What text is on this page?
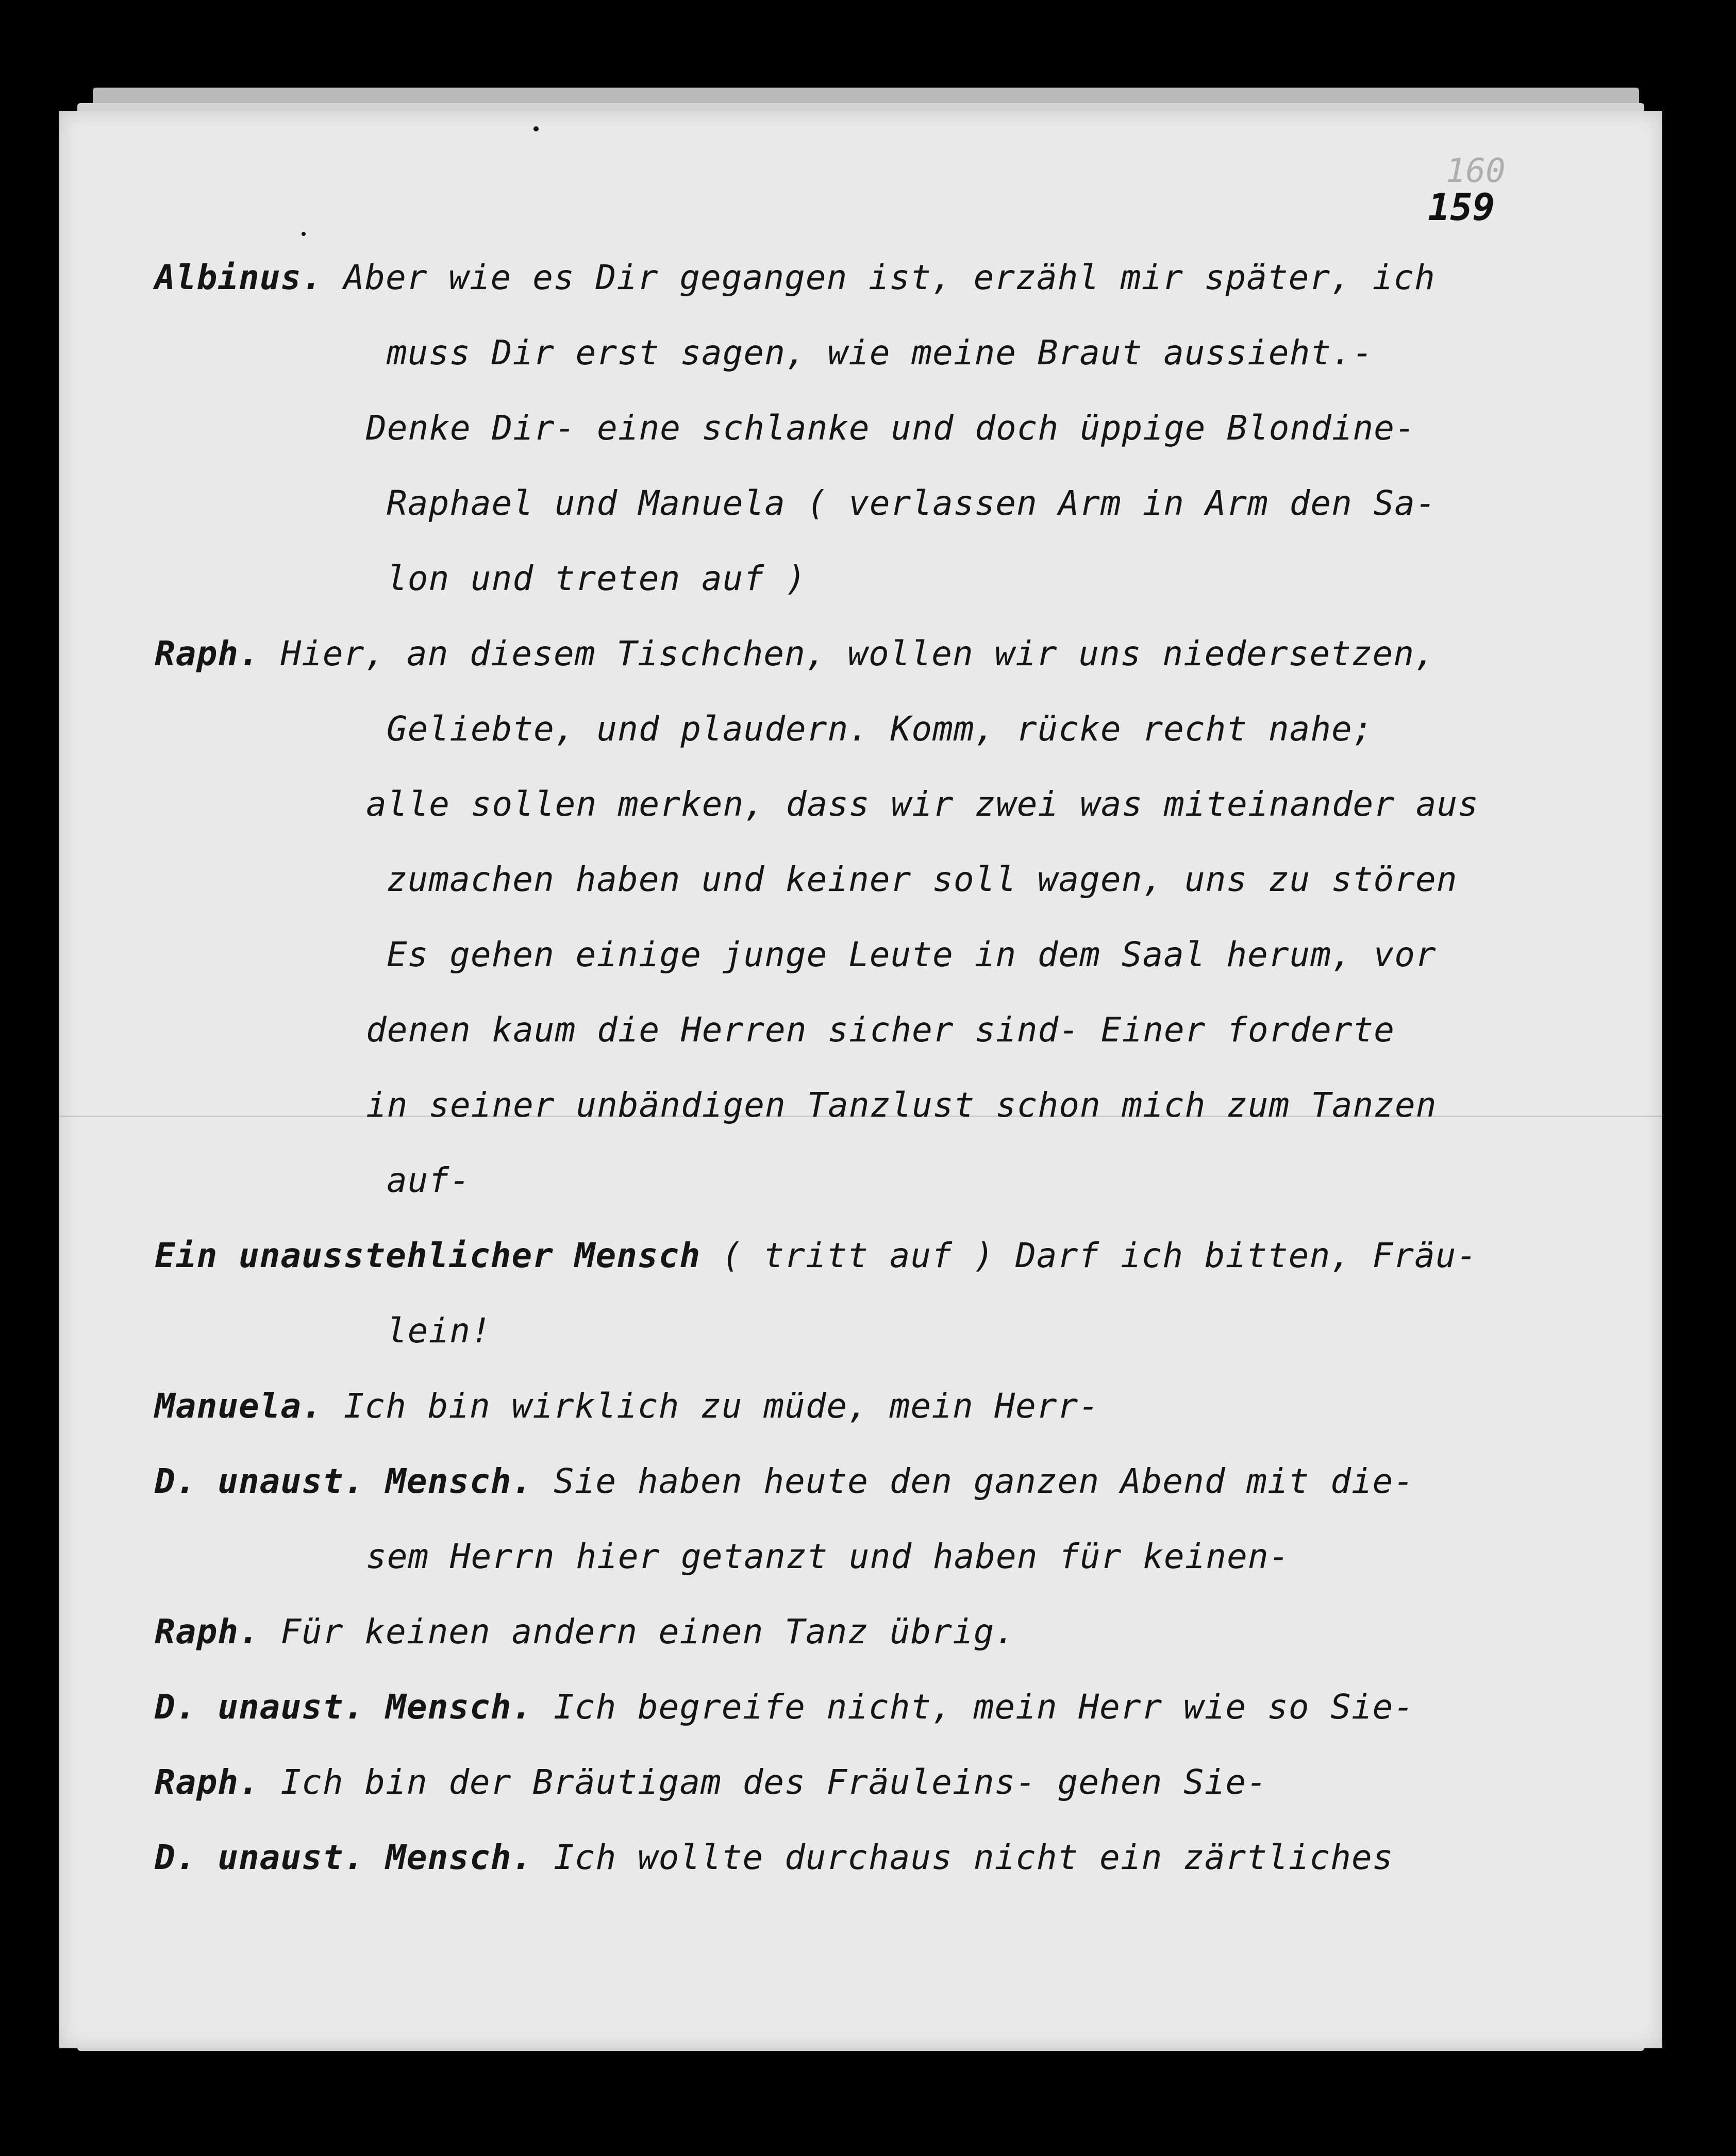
160
159
Albinus. Aber wie es Dir gegangen ist, erzähl mir später, ich
muss Dir erst sagen, wie meine Braut aussieht.-
Denke Dir- eine schlanke und doch üppige Blondine-
Raphael und Manuela ( verlassen Arm in Arm den Sa-
lon und treten auf )
Raph. Hier, an diesem Tischchen, wollen wir uns niedersetzen,
Geliebte, und plaudern. Komm, rücke recht nahe;
alle sollen merken, dass wir zwei was miteinander aus
zumachen haben und keiner soll wagen, uns zu stören
Es gehen einige junge Leute in dem Saal herum, vor
denen kaum die Herren sicher sind- Einer forderte
in seiner unbändigen Tanzlust schon mich zum Tanzen
auf-
Ein unausstehlicher Mensch ( tritt auf ) Darf ich bitten, Fräu-
lein!
Manuela. Ich bin wirklich zu müde, mein Herr-
D. unaust. Mensch. Sie haben heute den ganzen Abend mit die-
sem Herrn hier getanzt und haben für keinen-
Raph. Für keinen andern einen Tanz übrig.
D. unaust. Mensch. Ich begreife nicht, mein Herr wie so Sie-
Raph. Ich bin der Bräutigam des Fräuleins- gehen Sie-
D. unaust. Mensch. Ich wollte durchaus nicht ein zärtliches
